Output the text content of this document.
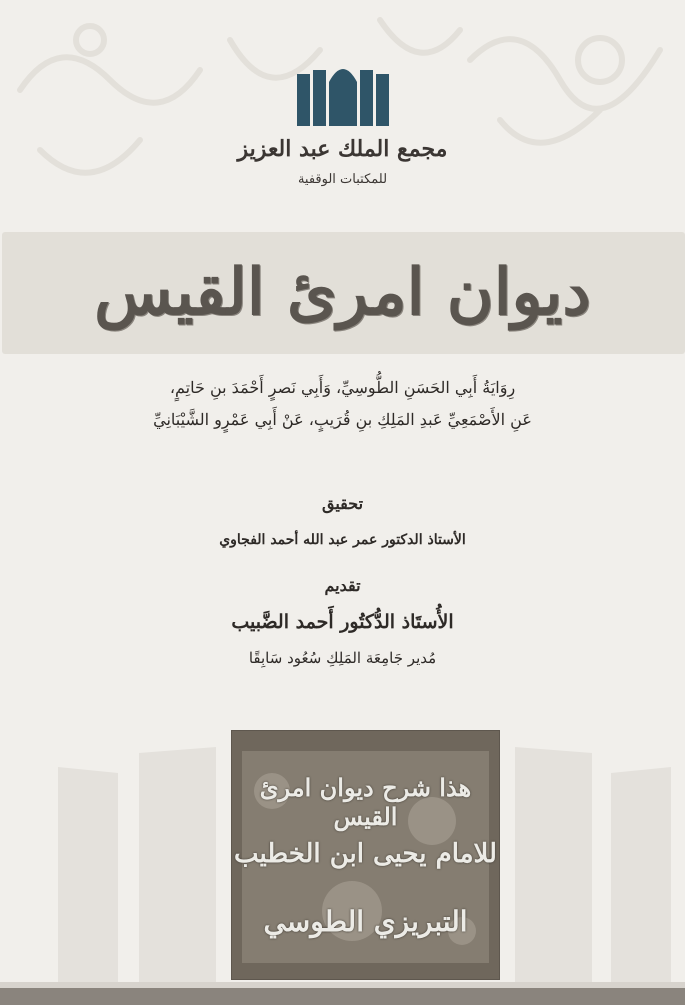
مجمع الملك عبد العزيز
للمكتبات الوقفية
ديوان امرئ القيس
رِوَايَةُ أَبِي الحَسَنِ الطُّوسِيِّ، وَأَبِي نَصرٍ أَحْمَدَ بنِ حَاتِمٍ،
عَنِ الأَصْمَعِيِّ عَبدِ المَلِكِ بنِ قُرَيبٍ، عَنْ أَبِي عَمْرٍو الشَّيْبَانِيِّ
تحقيق
الأستاذ الدكتور عمر عبد الله أحمد الفجاوي
تقديم
الأُستَاذ الدُّكتُور أَحمد الضَّبيب
مُدير جَامِعَة المَلِكِ سُعُود سَابِقًا
هذا شرح ديوان امرئ القيس
للامام يحيى ابن الخطيب
التبريزي الطوسي
